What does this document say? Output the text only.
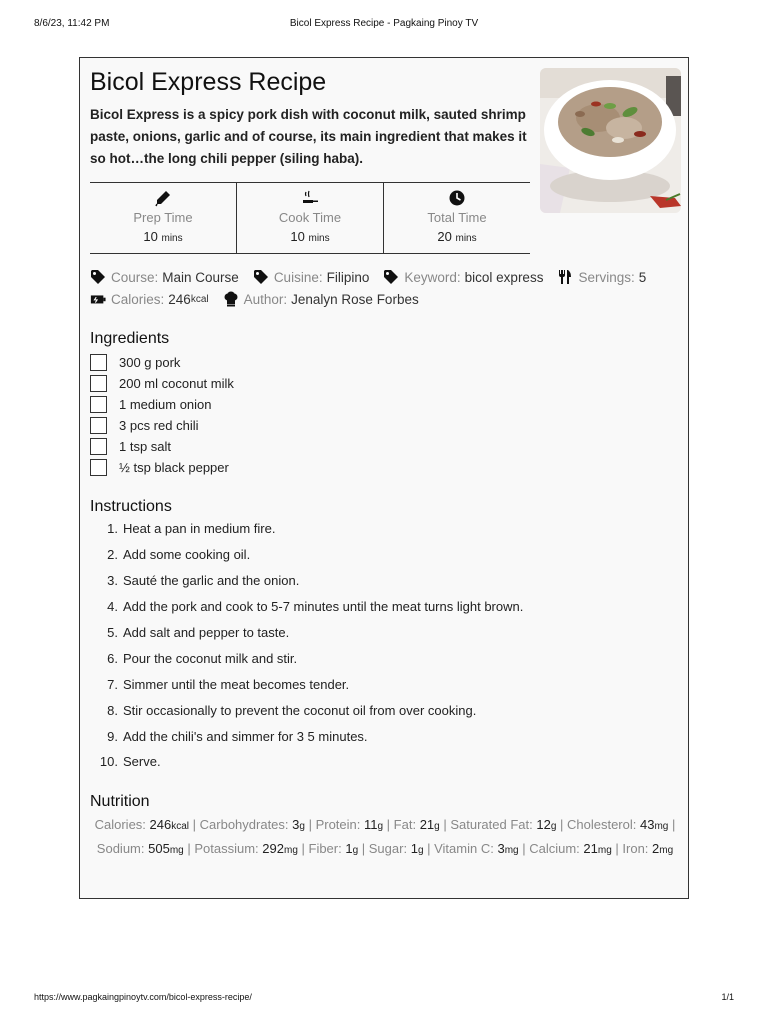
8/6/23, 11:42 PM	Bicol Express Recipe - Pagkaing Pinoy TV
Bicol Express Recipe
Bicol Express is a spicy pork dish with coconut milk, sauted shrimp paste, onions, garlic and of course, its main ingredient that makes it so hot…the long chili pepper (siling haba).
Prep Time
10 mins
Cook Time
10 mins
Total Time
20 mins
Course: Main Course	Cuisine: Filipino	Keyword: bicol express	Servings: 5
Calories: 246 kcal	Author: Jenalyn Rose Forbes
Ingredients
300 g pork
200 ml coconut milk
1 medium onion
3 pcs red chili
1 tsp salt
½ tsp black pepper
Instructions
1. Heat a pan in medium fire.
2. Add some cooking oil.
3. Sauté the garlic and the onion.
4. Add the pork and cook to 5-7 minutes until the meat turns light brown.
5. Add salt and pepper to taste.
6. Pour the coconut milk and stir.
7. Simmer until the meat becomes tender.
8. Stir occasionally to prevent the coconut oil from over cooking.
9. Add the chili's and simmer for 3 5 minutes.
10. Serve.
Nutrition
Calories: 246kcal | Carbohydrates: 3g | Protein: 11g | Fat: 21g | Saturated Fat: 12g | Cholesterol: 43mg | Sodium: 505mg | Potassium: 292mg | Fiber: 1g | Sugar: 1g | Vitamin C: 3mg | Calcium: 21mg | Iron: 2mg
https://www.pagkaingpinoytv.com/bicol-express-recipe/	1/1
